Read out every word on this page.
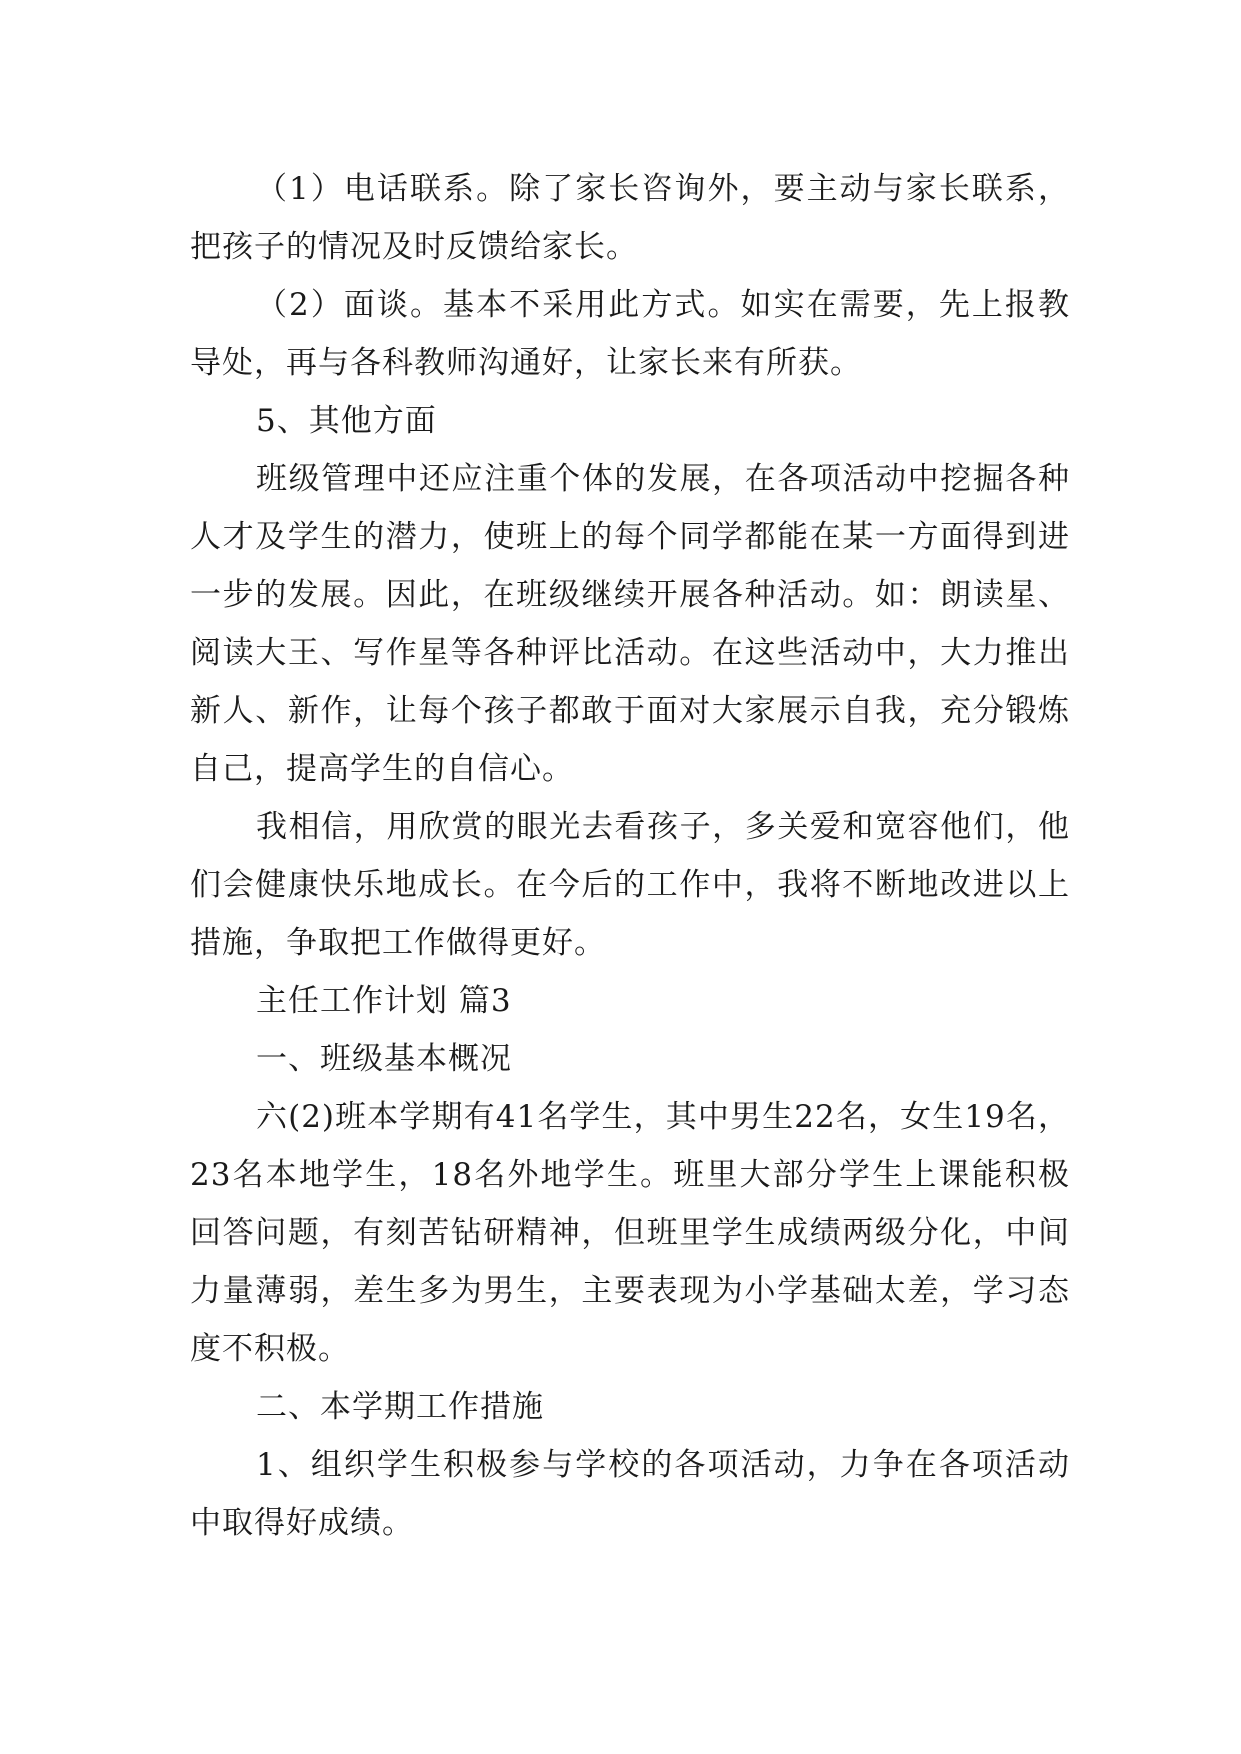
（1）电话联系。除了家长咨询外，要主动与家长联系，把孩子的情况及时反馈给家长。

（2）面谈。基本不采用此方式。如实在需要，先上报教导处，再与各科教师沟通好，让家长来有所获。

5、其他方面

班级管理中还应注重个体的发展，在各项活动中挖掘各种人才及学生的潜力，使班上的每个同学都能在某一方面得到进一步的发展。因此，在班级继续开展各种活动。如：朗读星、阅读大王、写作星等各种评比活动。在这些活动中，大力推出新人、新作，让每个孩子都敢于面对大家展示自我，充分锻炼自己，提高学生的自信心。

我相信，用欣赏的眼光去看孩子，多关爱和宽容他们，他们会健康快乐地成长。在今后的工作中，我将不断地改进以上措施，争取把工作做得更好。

主任工作计划 篇3

一、班级基本概况

六(2)班本学期有41名学生，其中男生22名，女生19名，23名本地学生，18名外地学生。班里大部分学生上课能积极回答问题，有刻苦钻研精神，但班里学生成绩两级分化，中间力量薄弱，差生多为男生，主要表现为小学基础太差，学习态度不积极。

二、本学期工作措施

1、组织学生积极参与学校的各项活动，力争在各项活动中取得好成绩。
